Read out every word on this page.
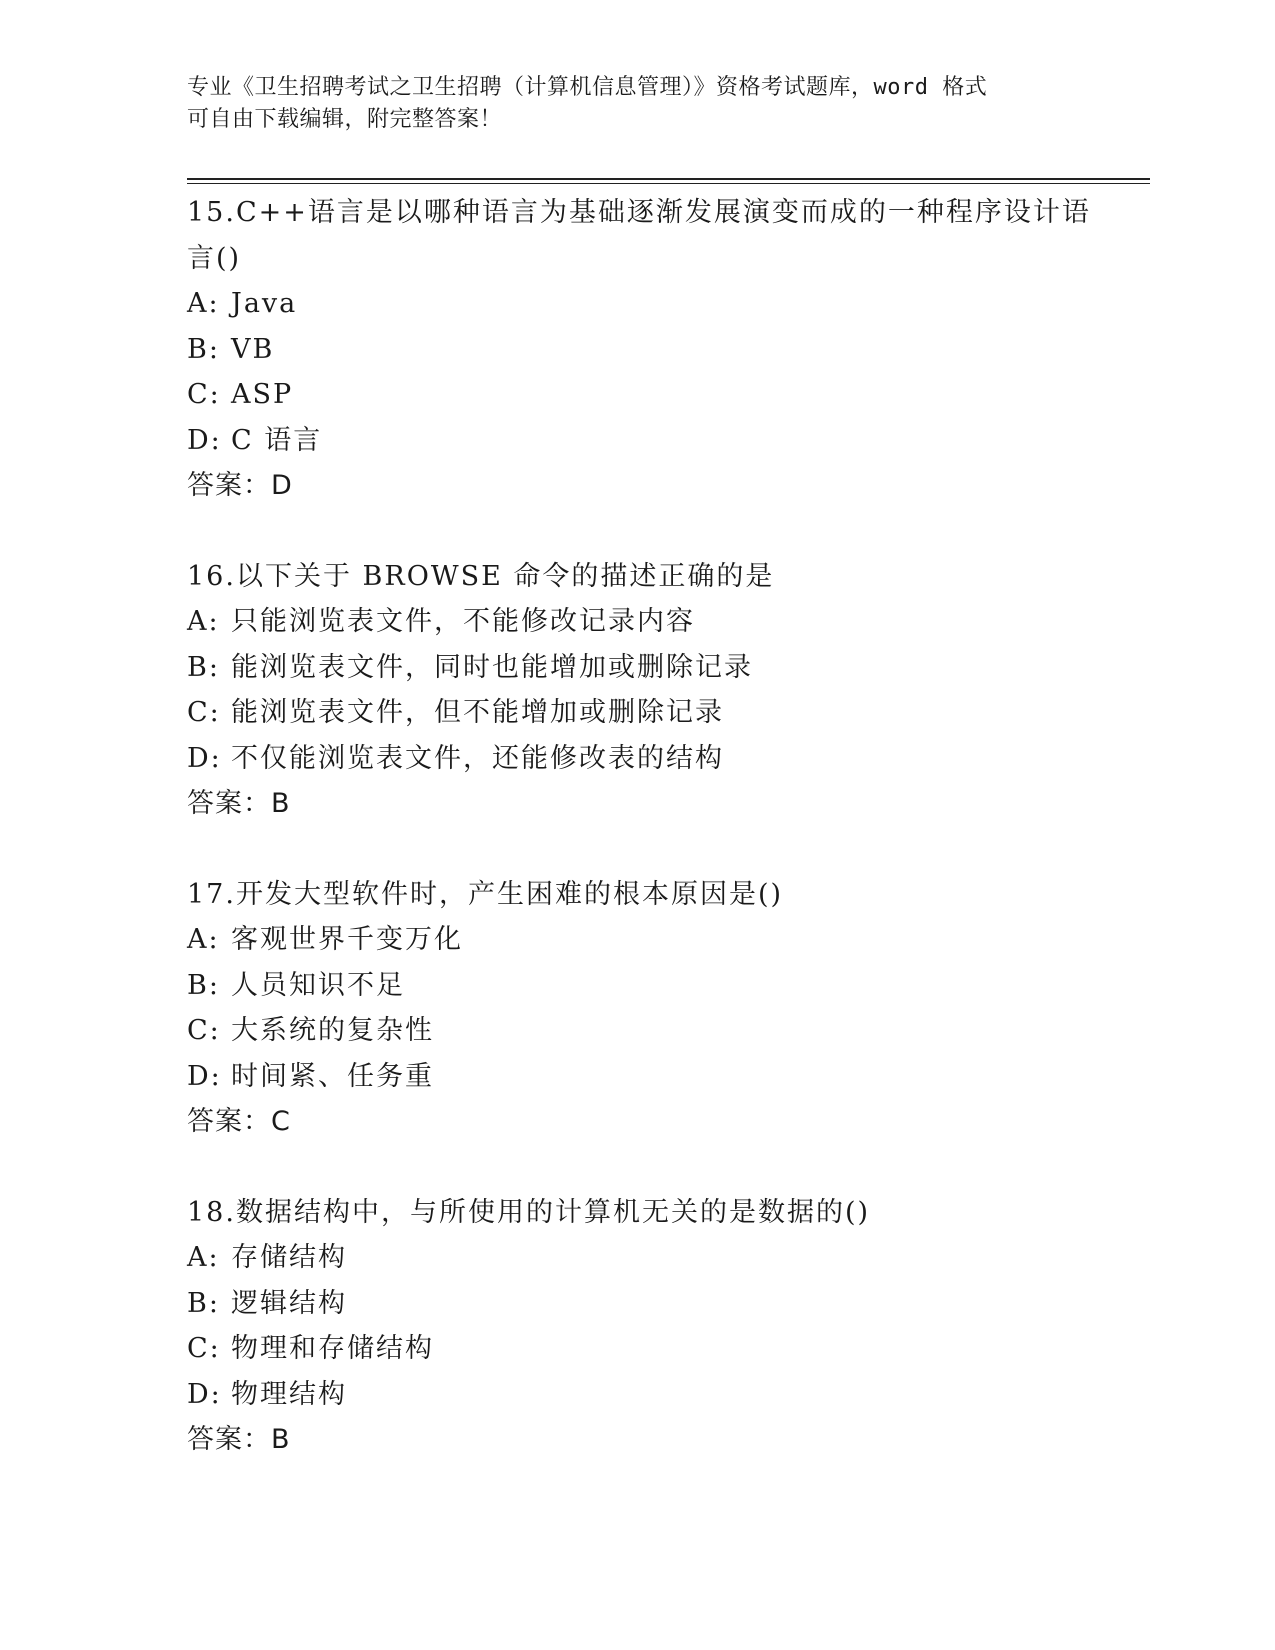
专业《卫生招聘考试之卫生招聘（计算机信息管理）》资格考试题库，word 格式
可自由下载编辑，附完整答案！
15.C++语言是以哪种语言为基础逐渐发展演变而成的一种程序设计语
言()
A: Java
B: VB
C: ASP
D: C 语言
答案：D
16.以下关于 BROWSE 命令的描述正确的是
A: 只能浏览表文件，不能修改记录内容
B: 能浏览表文件，同时也能增加或删除记录
C: 能浏览表文件，但不能增加或删除记录
D: 不仅能浏览表文件，还能修改表的结构
答案：B
17.开发大型软件时，产生困难的根本原因是()
A: 客观世界千变万化
B: 人员知识不足
C: 大系统的复杂性
D: 时间紧、任务重
答案：C
18.数据结构中，与所使用的计算机无关的是数据的()
A: 存储结构
B: 逻辑结构
C: 物理和存储结构
D: 物理结构
答案：B
